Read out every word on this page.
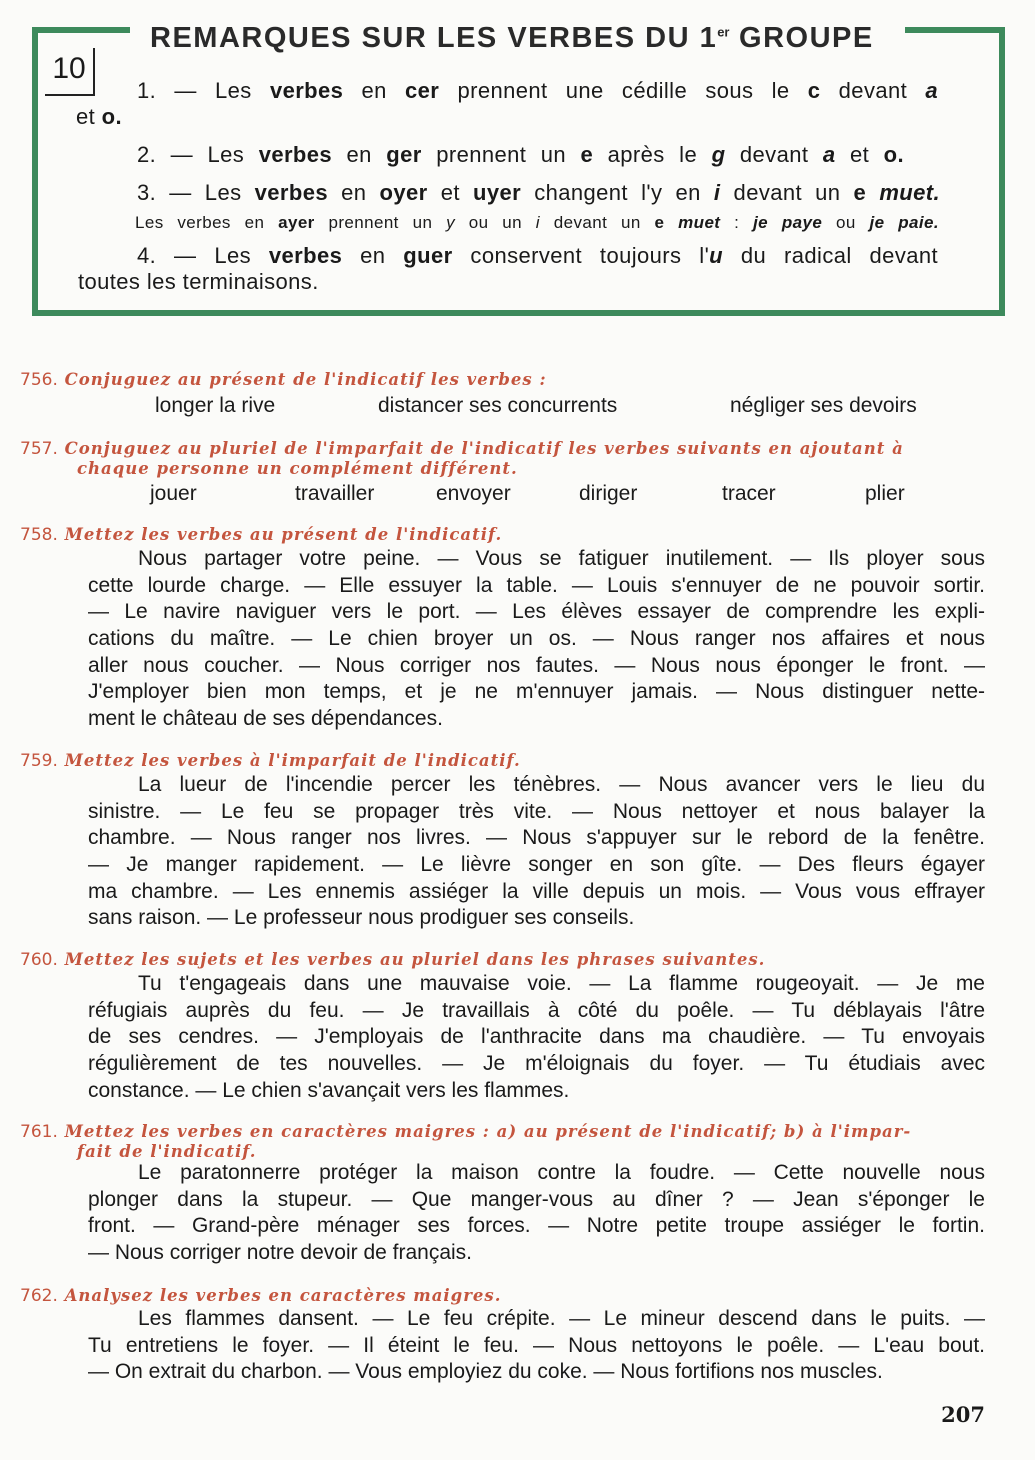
REMARQUES SUR LES VERBES DU 1er GROUPE
10
1. — Les verbes en cer prennent une cédille sous le c devant a
et o.
2. — Les verbes en ger prennent un e après le g devant a et o.
3. — Les verbes en oyer et uyer changent l'y en i devant un e muet.
Les verbes en ayer prennent un y ou un i devant un e muet : je paye ou je paie.
4. — Les verbes en guer conservent toujours l'u du radical devant
toutes les terminaisons.
756. Conjuguez au présent de l'indicatif les verbes :
longer la rive	distancer ses concurrents	négliger ses devoirs
757. Conjuguez au pluriel de l'imparfait de l'indicatif les verbes suivants en ajoutant à
chaque personne un complément différent.
jouer	travailler	envoyer	diriger	tracer	plier
758. Mettez les verbes au présent de l'indicatif.
Nous partager votre peine. — Vous se fatiguer inutilement. — Ils ployer sous
cette lourde charge. — Elle essuyer la table. — Louis s'ennuyer de ne pouvoir sortir.
— Le navire naviguer vers le port. — Les élèves essayer de comprendre les expli-
cations du maître. — Le chien broyer un os. — Nous ranger nos affaires et nous
aller nous coucher. — Nous corriger nos fautes. — Nous nous éponger le front. —
J'employer bien mon temps, et je ne m'ennuyer jamais. — Nous distinguer nette-
ment le château de ses dépendances.
759. Mettez les verbes à l'imparfait de l'indicatif.
La lueur de l'incendie percer les ténèbres. — Nous avancer vers le lieu du
sinistre. — Le feu se propager très vite. — Nous nettoyer et nous balayer la
chambre. — Nous ranger nos livres. — Nous s'appuyer sur le rebord de la fenêtre.
— Je manger rapidement. — Le lièvre songer en son gîte. — Des fleurs égayer
ma chambre. — Les ennemis assiéger la ville depuis un mois. — Vous vous effrayer
sans raison. — Le professeur nous prodiguer ses conseils.
760. Mettez les sujets et les verbes au pluriel dans les phrases suivantes.
Tu t'engageais dans une mauvaise voie. — La flamme rougeoyait. — Je me
réfugiais auprès du feu. — Je travaillais à côté du poêle. — Tu déblayais l'âtre
de ses cendres. — J'employais de l'anthracite dans ma chaudière. — Tu envoyais
régulièrement de tes nouvelles. — Je m'éloignais du foyer. — Tu étudiais avec
constance. — Le chien s'avançait vers les flammes.
761. Mettez les verbes en caractères maigres : a) au présent de l'indicatif; b) à l'impar-
fait de l'indicatif.
Le paratonnerre protéger la maison contre la foudre. — Cette nouvelle nous
plonger dans la stupeur. — Que manger-vous au dîner ? — Jean s'éponger le
front. — Grand-père ménager ses forces. — Notre petite troupe assiéger le fortin.
— Nous corriger notre devoir de français.
762. Analysez les verbes en caractères maigres.
Les flammes dansent. — Le feu crépite. — Le mineur descend dans le puits. —
Tu entretiens le foyer. — Il éteint le feu. — Nous nettoyons le poêle. — L'eau bout.
— On extrait du charbon. — Vous employiez du coke. — Nous fortifions nos muscles.
207
